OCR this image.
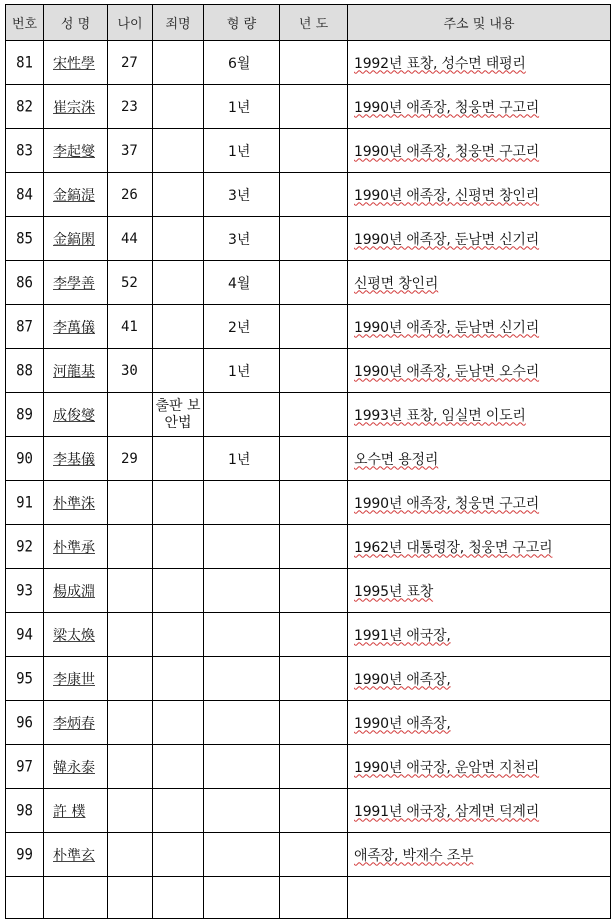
번호	성 명	나이	죄명	형 량	년 도	주소 및 내용
81	宋性學	27		6월		1992년 표창, 성수면 태평리
82	崔宗洙	23		1년		1990년 애족장, 청웅면 구고리
83	李起燮	37		1년		1990년 애족장, 청웅면 구고리
84	金鎬湜	26		3년		1990년 애족장, 신평면 창인리
85	金鎬閑	44		3년		1990년 애족장, 둔남면 신기리
86	李學善	52		4월		신평면 창인리
87	李萬儀	41		2년		1990년 애족장, 둔남면 신기리
88	河龍基	30		1년		1990년 애족장, 둔남면 오수리
89	成俊燮		출판 보안법			1993년 표창, 임실면 이도리
90	李基儀	29		1년		오수면 용정리
91	朴準洙					1990년 애족장, 청웅면 구고리
92	朴準承					1962년 대통령장, 청웅면 구고리
93	楊成淵					1995년 표창
94	梁太煥					1991년 애국장,
95	李康世					1990년 애족장,
96	李炳春					1990년 애족장,
97	韓永泰					1990년 애국장, 운암면 지천리
98	許 樸					1991년 애국장, 삼계면 덕계리
99	朴準玄					애족장, 박재수 조부
